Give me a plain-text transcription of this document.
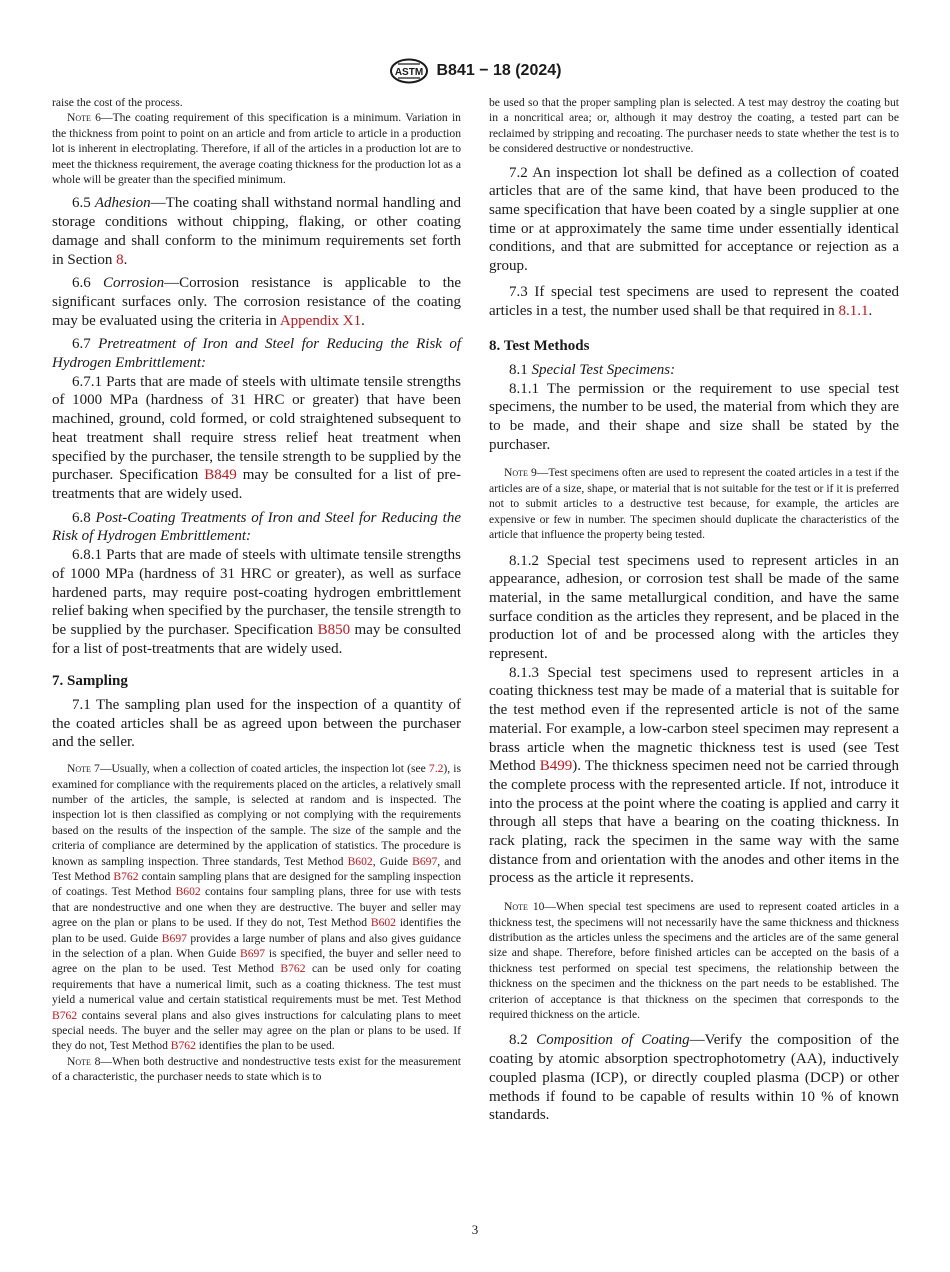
ASTM B841 − 18 (2024)

raise the cost of the process.

Note 6—The coating requirement of this specification is a minimum. Variation in the thickness from point to point on an article and from article to article in a production lot is inherent in electroplating. Therefore, if all of the articles in a production lot are to meet the thickness requirement, the average coating thickness for the production lot as a whole will be greater than the specified minimum.

6.5 Adhesion—The coating shall withstand normal handling and storage conditions without chipping, flaking, or other coating damage and shall conform to the minimum requirements set forth in Section 8.

6.6 Corrosion—Corrosion resistance is applicable to the significant surfaces only. The corrosion resistance of the coating may be evaluated using the criteria in Appendix X1.

6.7 Pretreatment of Iron and Steel for Reducing the Risk of Hydrogen Embrittlement:

6.7.1 Parts that are made of steels with ultimate tensile strengths of 1000 MPa (hardness of 31 HRC or greater) that have been machined, ground, cold formed, or cold straightened subsequent to heat treatment shall require stress relief heat treatment when specified by the purchaser, the tensile strength to be supplied by the purchaser. Specification B849 may be consulted for a list of pre-treatments that are widely used.

6.8 Post-Coating Treatments of Iron and Steel for Reducing the Risk of Hydrogen Embrittlement:

6.8.1 Parts that are made of steels with ultimate tensile strengths of 1000 MPa (hardness of 31 HRC or greater), as well as surface hardened parts, may require post-coating hydrogen embrittlement relief baking when specified by the purchaser, the tensile strength to be supplied by the purchaser. Specification B850 may be consulted for a list of post-treatments that are widely used.

7. Sampling

7.1 The sampling plan used for the inspection of a quantity of the coated articles shall be as agreed upon between the purchaser and the seller.

Note 7—Usually, when a collection of coated articles, the inspection lot (see 7.2), is examined for compliance with the requirements placed on the articles, a relatively small number of the articles, the sample, is selected at random and is inspected. The inspection lot is then classified as complying or not complying with the requirements based on the results of the inspection of the sample. The size of the sample and the criteria of compliance are determined by the application of statistics. The procedure is known as sampling inspection. Three standards, Test Method B602, Guide B697, and Test Method B762 contain sampling plans that are designed for the sampling inspection of coatings. Test Method B602 contains four sampling plans, three for use with tests that are nondestructive and one when they are destructive. The buyer and seller may agree on the plan or plans to be used. If they do not, Test Method B602 identifies the plan to be used. Guide B697 provides a large number of plans and also gives guidance in the selection of a plan. When Guide B697 is specified, the buyer and seller need to agree on the plan to be used. Test Method B762 can be used only for coating requirements that have a numerical limit, such as a coating thickness. The test must yield a numerical value and certain statistical requirements must be met. Test Method B762 contains several plans and also gives instructions for calculating plans to meet special needs. The buyer and the seller may agree on the plan or plans to be used. If they do not, Test Method B762 identifies the plan to be used.

Note 8—When both destructive and nondestructive tests exist for the measurement of a characteristic, the purchaser needs to state which is to

be used so that the proper sampling plan is selected. A test may destroy the coating but in a noncritical area; or, although it may destroy the coating, a tested part can be reclaimed by stripping and recoating. The purchaser needs to state whether the test is to be considered destructive or nondestructive.

7.2 An inspection lot shall be defined as a collection of coated articles that are of the same kind, that have been produced to the same specification that have been coated by a single supplier at one time or at approximately the same time under essentially identical conditions, and that are submitted for acceptance or rejection as a group.

7.3 If special test specimens are used to represent the coated articles in a test, the number used shall be that required in 8.1.1.

8. Test Methods

8.1 Special Test Specimens:

8.1.1 The permission or the requirement to use special test specimens, the number to be used, the material from which they are to be made, and their shape and size shall be stated by the purchaser.

Note 9—Test specimens often are used to represent the coated articles in a test if the articles are of a size, shape, or material that is not suitable for the test or if it is preferred not to submit articles to a destructive test because, for example, the articles are expensive or few in number. The specimen should duplicate the characteristics of the article that influence the property being tested.

8.1.2 Special test specimens used to represent articles in an appearance, adhesion, or corrosion test shall be made of the same material, in the same metallurgical condition, and have the same surface condition as the articles they represent, and be placed in the production lot of and be processed along with the articles they represent.

8.1.3 Special test specimens used to represent articles in a coating thickness test may be made of a material that is suitable for the test method even if the represented article is not of the same material. For example, a low-carbon steel specimen may represent a brass article when the magnetic thickness test is used (see Test Method B499). The thickness specimen need not be carried through the complete process with the represented article. If not, introduce it into the process at the point where the coating is applied and carry it through all steps that have a bearing on the coating thickness. In rack plating, rack the specimen in the same way with the same distance from and orientation with the anodes and other items in the process as the article it represents.

Note 10—When special test specimens are used to represent coated articles in a thickness test, the specimens will not necessarily have the same thickness and thickness distribution as the articles unless the specimens and the articles are of the same general size and shape. Therefore, before finished articles can be accepted on the basis of a thickness test performed on special test specimens, the relationship between the thickness on the specimen and the thickness on the part needs to be established. The criterion of acceptance is that thickness on the specimen that corresponds to the required thickness on the article.

8.2 Composition of Coating—Verify the composition of the coating by atomic absorption spectrophotometry (AA), inductively coupled plasma (ICP), or directly coupled plasma (DCP) or other methods if found to be capable of results within 10 % of known standards.

3
